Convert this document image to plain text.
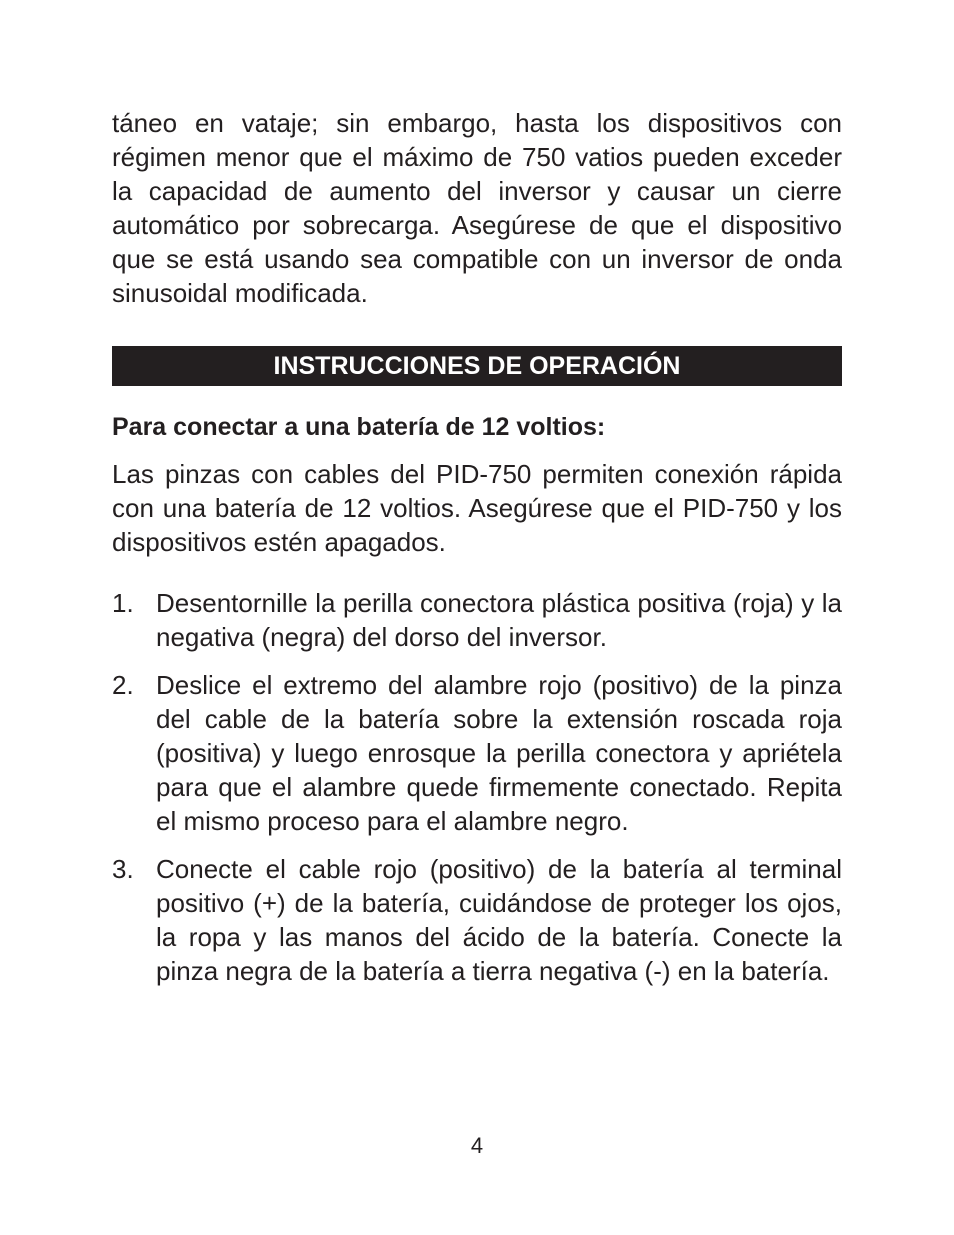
táneo en vataje; sin embargo, hasta los dispositivos con régimen menor que el máximo de 750 vatios pueden exceder la capacidad de aumento del inversor y causar un cierre automático por sobrecarga. Asegúrese de que el dispositivo que se está usando sea compatible con un inversor de onda sinusoidal modificada.

INSTRUCCIONES DE OPERACIÓN

Para conectar a una batería de 12 voltios:

Las pinzas con cables del PID-750 permiten conexión rápida con una batería de 12 voltios. Asegúrese que el PID-750 y los dispositivos estén apagados.

1. Desentornille la perilla conectora plástica positiva (roja) y la negativa (negra) del dorso del inversor.
2. Deslice el extremo del alambre rojo (positivo) de la pinza del cable de la batería sobre la extensión roscada roja (positiva) y luego enrosque la perilla conectora y apriétela para que el alambre quede firmemente conectado. Repita el mismo proceso para el alambre negro.
3. Conecte el cable rojo (positivo) de la batería al terminal positivo (+) de la batería, cuidándose de proteger los ojos, la ropa y las manos del ácido de la batería. Conecte la pinza negra de la batería a tierra negativa (-) en la batería.
4
